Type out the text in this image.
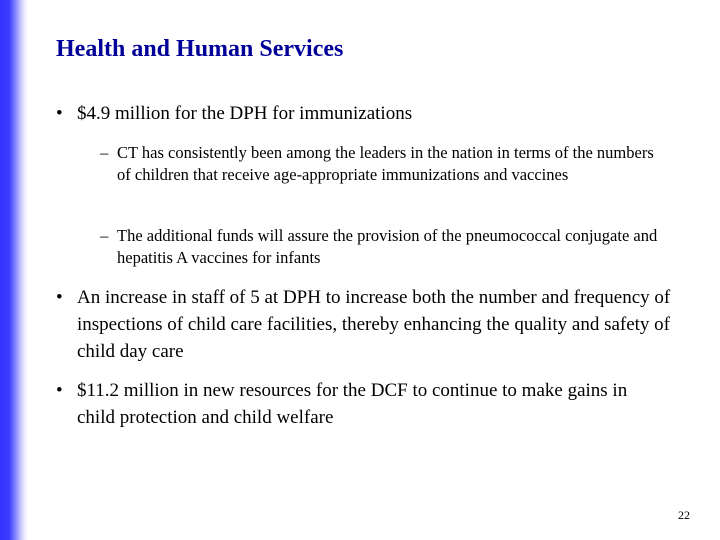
Health and Human Services
• $4.9 million for the DPH for immunizations
– CT has consistently been among the leaders in the nation in terms of the numbers of children that receive age-appropriate immunizations and vaccines
– The additional funds will assure the provision of the pneumococcal conjugate and hepatitis A vaccines for infants
• An increase in staff of 5 at DPH to increase both the number and frequency of inspections of child care facilities, thereby enhancing the quality and safety of child day care
• $11.2 million in new resources for the DCF to continue to make gains in child protection and child welfare
22
